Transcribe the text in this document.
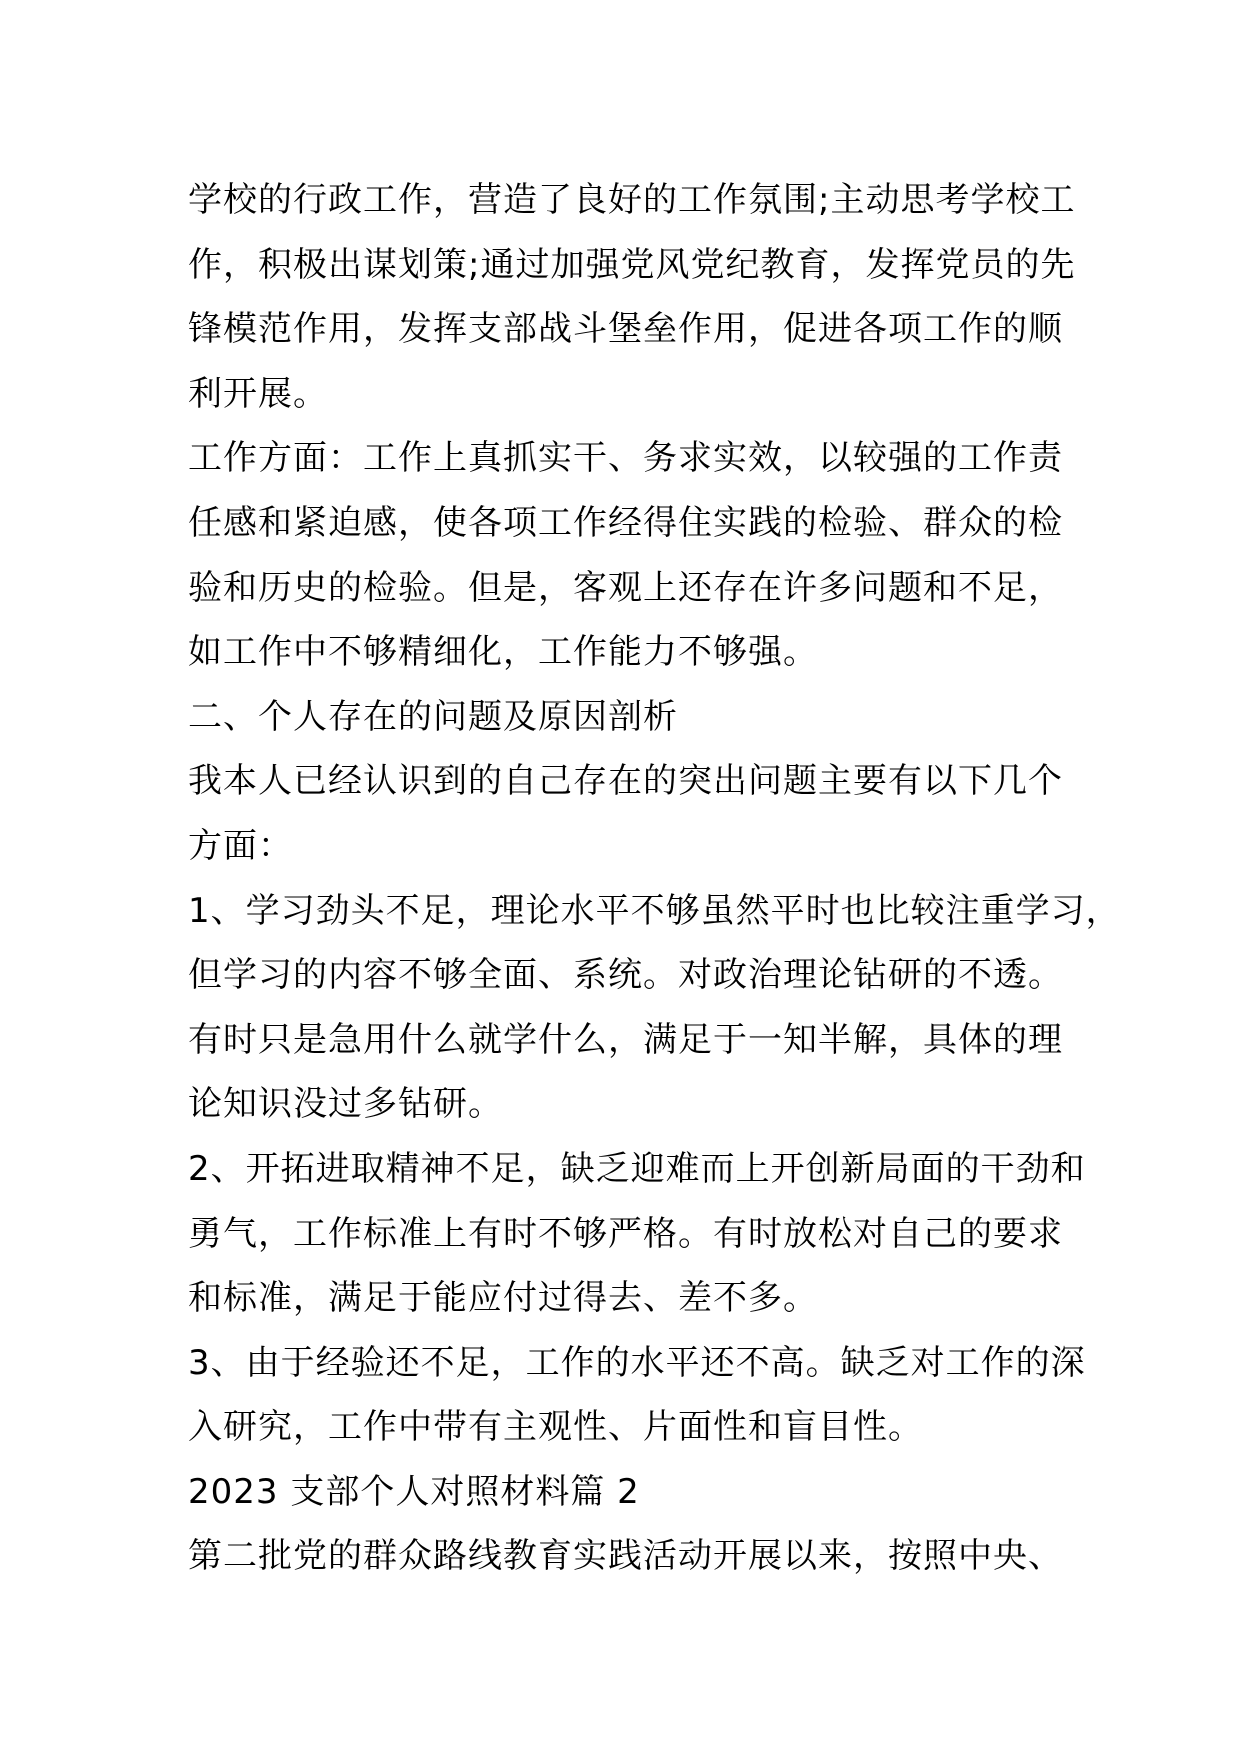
学校的行政工作，营造了良好的工作氛围;主动思考学校工
作，积极出谋划策;通过加强党风党纪教育，发挥党员的先
锋模范作用，发挥支部战斗堡垒作用，促进各项工作的顺
利开展。
工作方面：工作上真抓实干、务求实效，以较强的工作责
任感和紧迫感，使各项工作经得住实践的检验、群众的检
验和历史的检验。但是，客观上还存在许多问题和不足，
如工作中不够精细化，工作能力不够强。
二、个人存在的问题及原因剖析
我本人已经认识到的自己存在的突出问题主要有以下几个
方面：
1、学习劲头不足，理论水平不够虽然平时也比较注重学习，
但学习的内容不够全面、系统。对政治理论钻研的不透。
有时只是急用什么就学什么，满足于一知半解，具体的理
论知识没过多钻研。
2、开拓进取精神不足，缺乏迎难而上开创新局面的干劲和
勇气，工作标准上有时不够严格。有时放松对自己的要求
和标准，满足于能应付过得去、差不多。
3、由于经验还不足，工作的水平还不高。缺乏对工作的深
入研究，工作中带有主观性、片面性和盲目性。
2023 支部个人对照材料篇 2
第二批党的群众路线教育实践活动开展以来，按照中央、
